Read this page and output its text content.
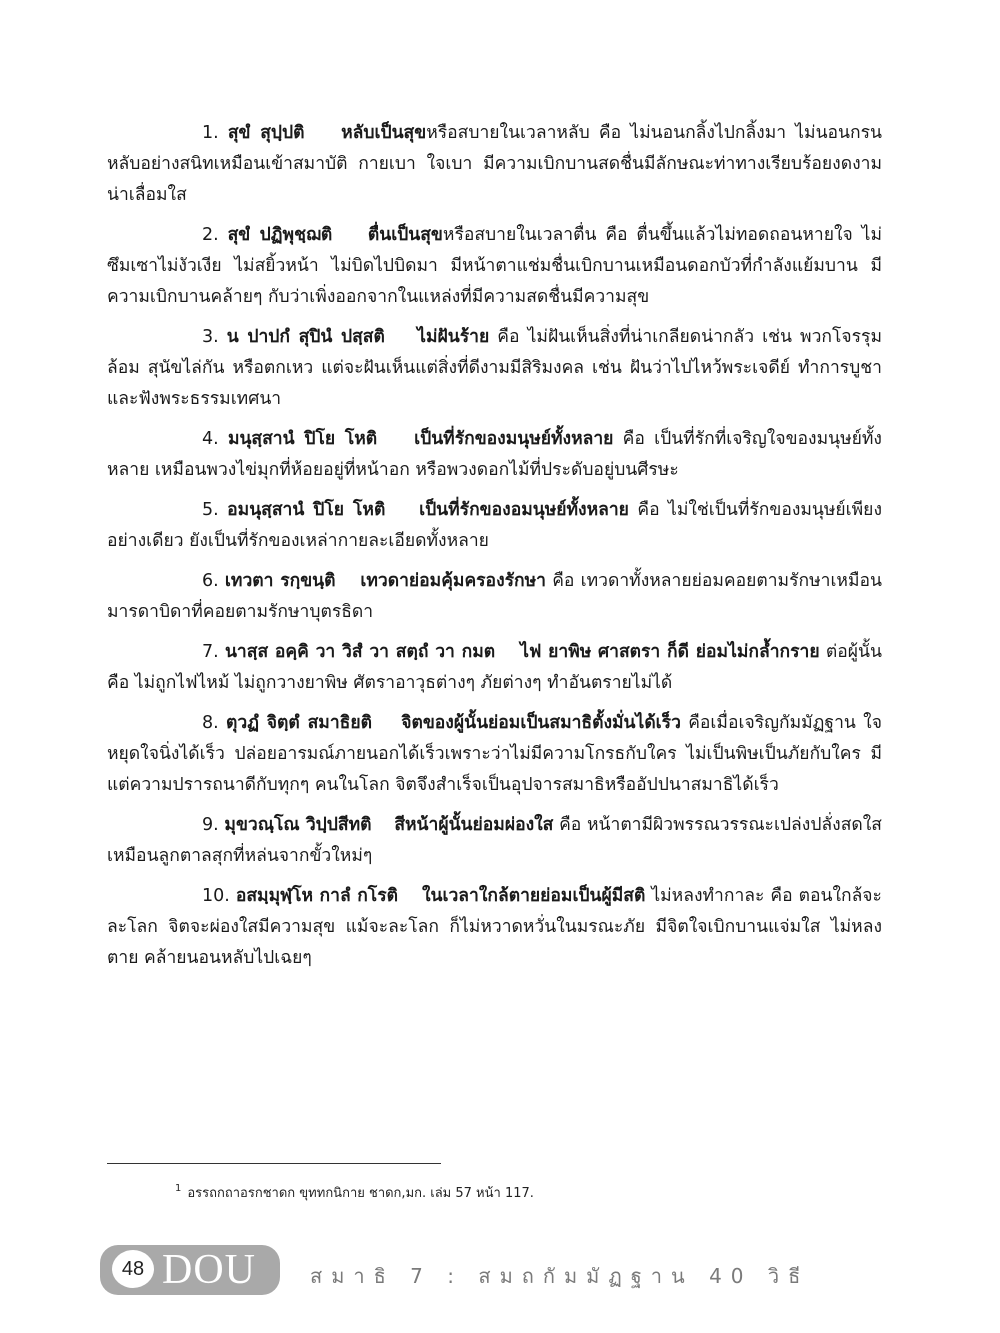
1. สุขํ สุปฺปติ หลับเป็นสุขหรือสบายในเวลาหลับ คือ ไม่นอนกลิ้งไปกลิ้งมา ไม่นอนกรน หลับอย่างสนิทเหมือนเข้าสมาบัติ กายเบา ใจเบา มีความเบิกบานสดชื่นมีลักษณะท่าทางเรียบร้อยงดงามน่าเลื่อมใส

2. สุขํ ปฏิพุชฺฌติ ตื่นเป็นสุขหรือสบายในเวลาตื่น คือ ตื่นขึ้นแล้วไม่ทอดถอนหายใจ ไม่ซึมเซาไม่งัวเงีย ไม่สยิ้วหน้า ไม่บิดไปบิดมา มีหน้าตาแช่มชื่นเบิกบานเหมือนดอกบัวที่กำลังแย้มบาน มีความเบิกบานคล้ายๆ กับว่าเพิ่งออกจากในแหล่งที่มีความสดชื่นมีความสุข

3. น ปาปกํ สุปินํ ปสฺสติ ไม่ฝันร้าย คือ ไม่ฝันเห็นสิ่งที่น่าเกลียดน่ากลัว เช่น พวกโจรรุมล้อม สุนัขไล่กัน หรือตกเหว แต่จะฝันเห็นแต่สิ่งที่ดีงามมีสิริมงคล เช่น ฝันว่าไปไหว้พระเจดีย์ ทำการบูชา และฟังพระธรรมเทศนา

4. มนุสฺสานํ ปิโย โหติ เป็นที่รักของมนุษย์ทั้งหลาย คือ เป็นที่รักที่เจริญใจของมนุษย์ทั้งหลาย เหมือนพวงไข่มุกที่ห้อยอยู่ที่หน้าอก หรือพวงดอกไม้ที่ประดับอยู่บนศีรษะ

5. อมนุสฺสานํ ปิโย โหติ เป็นที่รักของอมนุษย์ทั้งหลาย คือ ไม่ใช่เป็นที่รักของมนุษย์เพียงอย่างเดียว ยังเป็นที่รักของเหล่ากายละเอียดทั้งหลาย

6. เทวตา รกฺขนฺติ เทวดาย่อมคุ้มครองรักษา คือ เทวดาทั้งหลายย่อมคอยตามรักษาเหมือนมารดาบิดาที่คอยตามรักษาบุตรธิดา

7. นาสฺส อคฺคิ วา วิสํ วา สตฺถํ วา กมต ไฟ ยาพิษ ศาสตรา ก็ดี ย่อมไม่กล้ำกราย ต่อผู้นั้น คือ ไม่ถูกไฟไหม้ ไม่ถูกวางยาพิษ ศัตราอาวุธต่างๆ ภัยต่างๆ ทำอันตรายไม่ได้

8. ตุวฏํ จิตฺตํ สมาธิยติ จิตของผู้นั้นย่อมเป็นสมาธิตั้งมั่นได้เร็ว คือเมื่อเจริญกัมมัฏฐาน ใจหยุดใจนิ่งได้เร็ว ปล่อยอารมณ์ภายนอกได้เร็วเพราะว่าไม่มีความโกรธกับใคร ไม่เป็นพิษเป็นภัยกับใคร มีแต่ความปรารถนาดีกับทุกๆ คนในโลก จิตจึงสำเร็จเป็นอุปจารสมาธิหรืออัปปนาสมาธิได้เร็ว

9. มุขวณฺโณ วิปฺปสีทติ สีหน้าผู้นั้นย่อมผ่องใส คือ หน้าตามีผิวพรรณวรรณะเปล่งปลั่งสดใส เหมือนลูกตาลสุกที่หล่นจากขั้วใหม่ๆ

10. อสมฺมุฬฺโห กาลํ กโรติ ในเวลาใกล้ตายย่อมเป็นผู้มีสติ ไม่หลงทำกาละ คือ ตอนใกล้จะละโลก จิตจะผ่องใสมีความสุข แม้จะละโลก ก็ไม่หวาดหวั่นในมรณะภัย มีจิตใจเบิกบานแจ่มใส ไม่หลงตาย คล้ายนอนหลับไปเฉยๆ

$^1$ อรรถกถาอรกชาดก ขุททกนิกาย ชาดก,มก. เล่ม 57 หน้า 117.
48 DOU	สมาธิ 7 : สมถกัมมัฏฐาน 40 วิธี
